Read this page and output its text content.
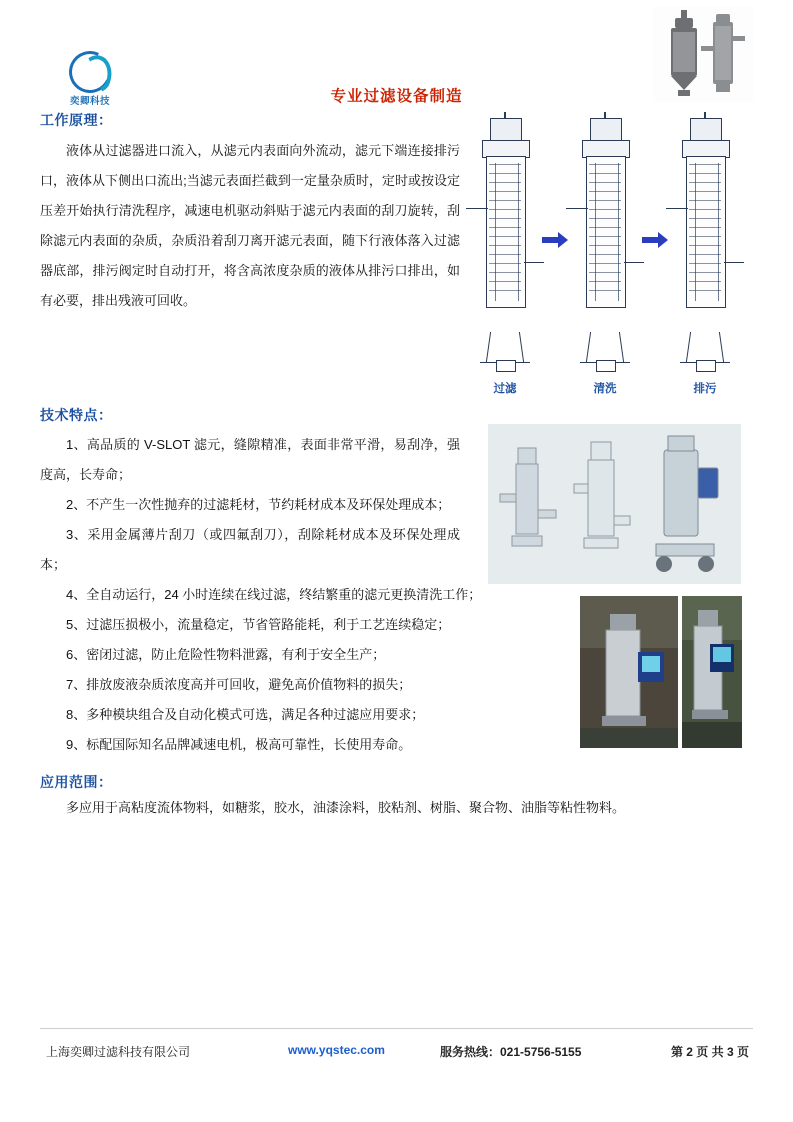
奕卿科技	专业过滤设备制造
工作原理：
液体从过滤器进口流入，从滤元内表面向外流动，滤元下端连接排污口，液体从下侧出口流出;当滤元表面拦截到一定量杂质时，定时或按设定压差开始执行清洗程序，减速电机驱动斜贴于滤元内表面的刮刀旋转，刮除滤元内表面的杂质，杂质沿着刮刀离开滤元表面，随下行液体落入过滤器底部，排污阀定时自动打开，将含高浓度杂质的液体从排污口排出，如有必要，排出残液可回收。
过滤	清洗	排污
技术特点：
1、高品质的 V-SLOT 滤元，缝隙精准，表面非常平滑，易刮净，强度高，长寿命；
2、不产生一次性抛弃的过滤耗材，节约耗材成本及环保处理成本；
3、采用金属薄片刮刀（或四氟刮刀），刮除耗材成本及环保处理成本；
4、全自动运行，24 小时连续在线过滤，终结繁重的滤元更换清洗工作；
5、过滤压损极小，流量稳定，节省管路能耗，利于工艺连续稳定；
6、密闭过滤，防止危险性物料泄露，有利于安全生产；
7、排放废液杂质浓度高并可回收，避免高价值物料的损失；
8、多种模块组合及自动化模式可选，满足各种过滤应用要求；
9、标配国际知名品牌减速电机，极高可靠性，长使用寿命。
应用范围：
多应用于高粘度流体物料，如糖浆，胶水，油漆涂料，胶粘剂、树脂、聚合物、油脂等粘性物料。
上海奕卿过滤科技有限公司	www.yqstec.com	服务热线：021-5756-5155	第 2 页 共 3 页
